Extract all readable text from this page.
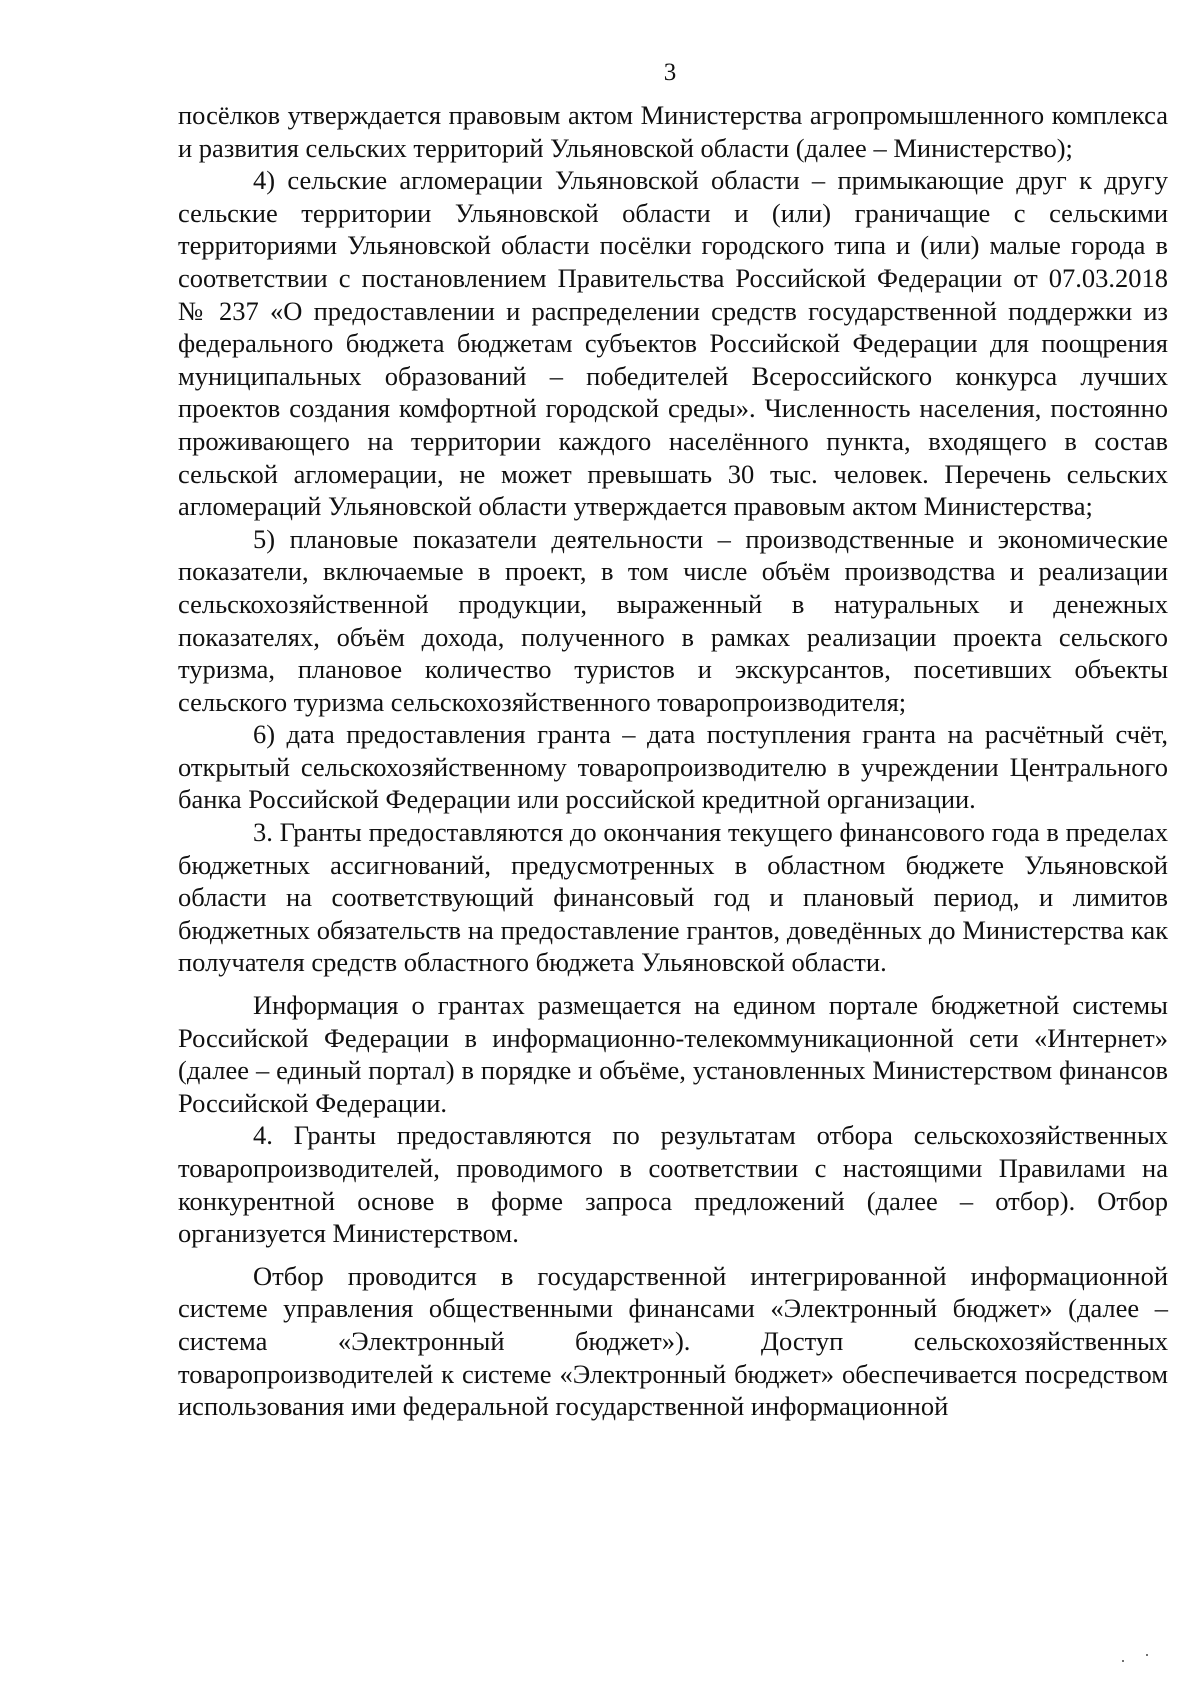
3

посёлков утверждается правовым актом Министерства агропромышленного комплекса и развития сельских территорий Ульяновской области (далее – Министерство);

4) сельские агломерации Ульяновской области – примыкающие друг к другу сельские территории Ульяновской области и (или) граничащие с сельскими территориями Ульяновской области посёлки городского типа и (или) малые города в соответствии с постановлением Правительства Российской Федерации от 07.03.2018 № 237 «О предоставлении и распределении средств государственной поддержки из федерального бюджета бюджетам субъектов Российской Федерации для поощрения муниципальных образований – победителей Всероссийского конкурса лучших проектов создания комфортной городской среды». Численность населения, постоянно проживающего на территории каждого населённого пункта, входящего в состав сельской агломерации, не может превышать 30 тыс. человек. Перечень сельских агломераций Ульяновской области утверждается правовым актом Министерства;

5) плановые показатели деятельности – производственные и экономические показатели, включаемые в проект, в том числе объём производства и реализации сельскохозяйственной продукции, выраженный в натуральных и денежных показателях, объём дохода, полученного в рамках реализации проекта сельского туризма, плановое количество туристов и экскурсантов, посетивших объекты сельского туризма сельскохозяйственного товаропроизводителя;

6) дата предоставления гранта – дата поступления гранта на расчётный счёт, открытый сельскохозяйственному товаропроизводителю в учреждении Центрального банка Российской Федерации или российской кредитной организации.

3. Гранты предоставляются до окончания текущего финансового года в пределах бюджетных ассигнований, предусмотренных в областном бюджете Ульяновской области на соответствующий финансовый год и плановый период, и лимитов бюджетных обязательств на предоставление грантов, доведённых до Министерства как получателя средств областного бюджета Ульяновской области.

Информация о грантах размещается на едином портале бюджетной системы Российской Федерации в информационно-телекоммуникационной сети «Интернет» (далее – единый портал) в порядке и объёме, установленных Министерством финансов Российской Федерации.

4. Гранты предоставляются по результатам отбора сельскохозяйственных товаропроизводителей, проводимого в соответствии с настоящими Правилами на конкурентной основе в форме запроса предложений (далее – отбор). Отбор организуется Министерством.

Отбор проводится в государственной интегрированной информационной системе управления общественными финансами «Электронный бюджет» (далее – система «Электронный бюджет»). Доступ сельскохозяйственных товаропроизводителей к системе «Электронный бюджет» обеспечивается посредством использования ими федеральной государственной информационной
